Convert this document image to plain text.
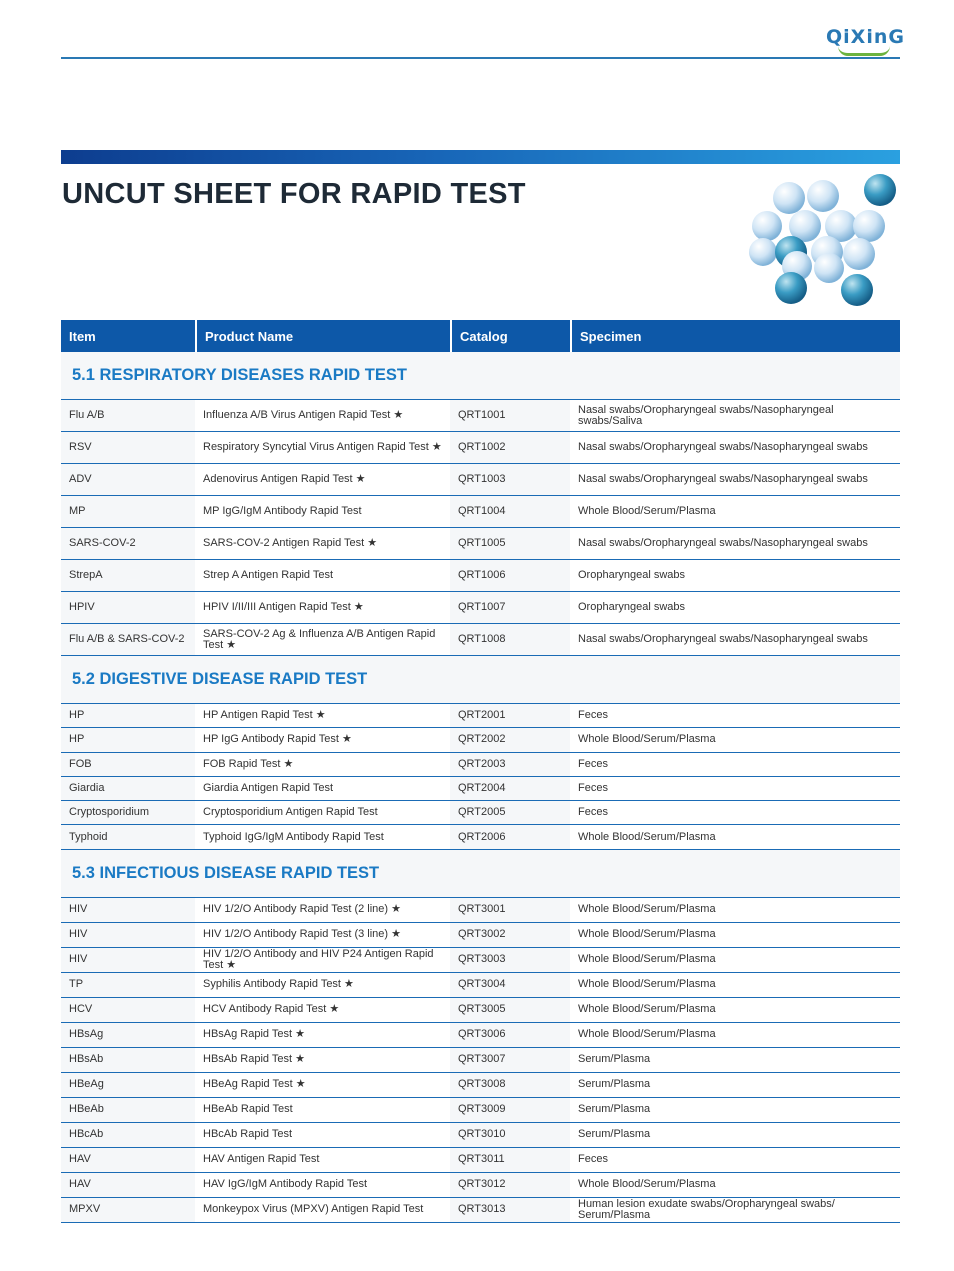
QiXinG
UNCUT SHEET FOR RAPID TEST
Item	Product Name	Catalog	Specimen
5.1 RESPIRATORY DISEASES RAPID TEST
Flu A/B	Influenza A/B Virus Antigen Rapid Test ★	QRT1001	Nasal swabs/Oropharyngeal swabs/Nasopharyngeal swabs/Saliva
RSV	Respiratory Syncytial Virus Antigen Rapid Test ★	QRT1002	Nasal swabs/Oropharyngeal swabs/Nasopharyngeal swabs
ADV	Adenovirus Antigen Rapid Test ★	QRT1003	Nasal swabs/Oropharyngeal swabs/Nasopharyngeal swabs
MP	MP IgG/IgM Antibody Rapid Test	QRT1004	Whole Blood/Serum/Plasma
SARS-COV-2	SARS-COV-2 Antigen Rapid Test ★	QRT1005	Nasal swabs/Oropharyngeal swabs/Nasopharyngeal swabs
StrepA	Strep A Antigen Rapid Test	QRT1006	Oropharyngeal swabs
HPIV	HPIV I/II/III Antigen Rapid Test ★	QRT1007	Oropharyngeal swabs
Flu A/B & SARS-COV-2	SARS-COV-2 Ag & Influenza A/B Antigen Rapid Test ★	QRT1008	Nasal swabs/Oropharyngeal swabs/Nasopharyngeal swabs
5.2 DIGESTIVE DISEASE RAPID TEST
HP	HP Antigen Rapid Test ★	QRT2001	Feces
HP	HP IgG Antibody Rapid Test ★	QRT2002	Whole Blood/Serum/Plasma
FOB	FOB Rapid Test ★	QRT2003	Feces
Giardia	Giardia Antigen Rapid Test	QRT2004	Feces
Cryptosporidium	Cryptosporidium Antigen Rapid Test	QRT2005	Feces
Typhoid	Typhoid IgG/IgM Antibody Rapid Test	QRT2006	Whole Blood/Serum/Plasma
5.3 INFECTIOUS DISEASE RAPID TEST
HIV	HIV 1/2/O Antibody Rapid Test (2 line) ★	QRT3001	Whole Blood/Serum/Plasma
HIV	HIV 1/2/O Antibody Rapid Test (3 line) ★	QRT3002	Whole Blood/Serum/Plasma
HIV	HIV 1/2/O Antibody and HIV P24 Antigen Rapid Test ★	QRT3003	Whole Blood/Serum/Plasma
TP	Syphilis Antibody Rapid Test ★	QRT3004	Whole Blood/Serum/Plasma
HCV	HCV Antibody Rapid Test ★	QRT3005	Whole Blood/Serum/Plasma
HBsAg	HBsAg Rapid Test ★	QRT3006	Whole Blood/Serum/Plasma
HBsAb	HBsAb Rapid Test ★	QRT3007	Serum/Plasma
HBeAg	HBeAg Rapid Test ★	QRT3008	Serum/Plasma
HBeAb	HBeAb Rapid Test	QRT3009	Serum/Plasma
HBcAb	HBcAb Rapid Test	QRT3010	Serum/Plasma
HAV	HAV Antigen Rapid Test	QRT3011	Feces
HAV	HAV IgG/IgM Antibody Rapid Test	QRT3012	Whole Blood/Serum/Plasma
MPXV	Monkeypox Virus (MPXV) Antigen Rapid Test	QRT3013	Human lesion exudate swabs/Oropharyngeal swabs/ Serum/Plasma
